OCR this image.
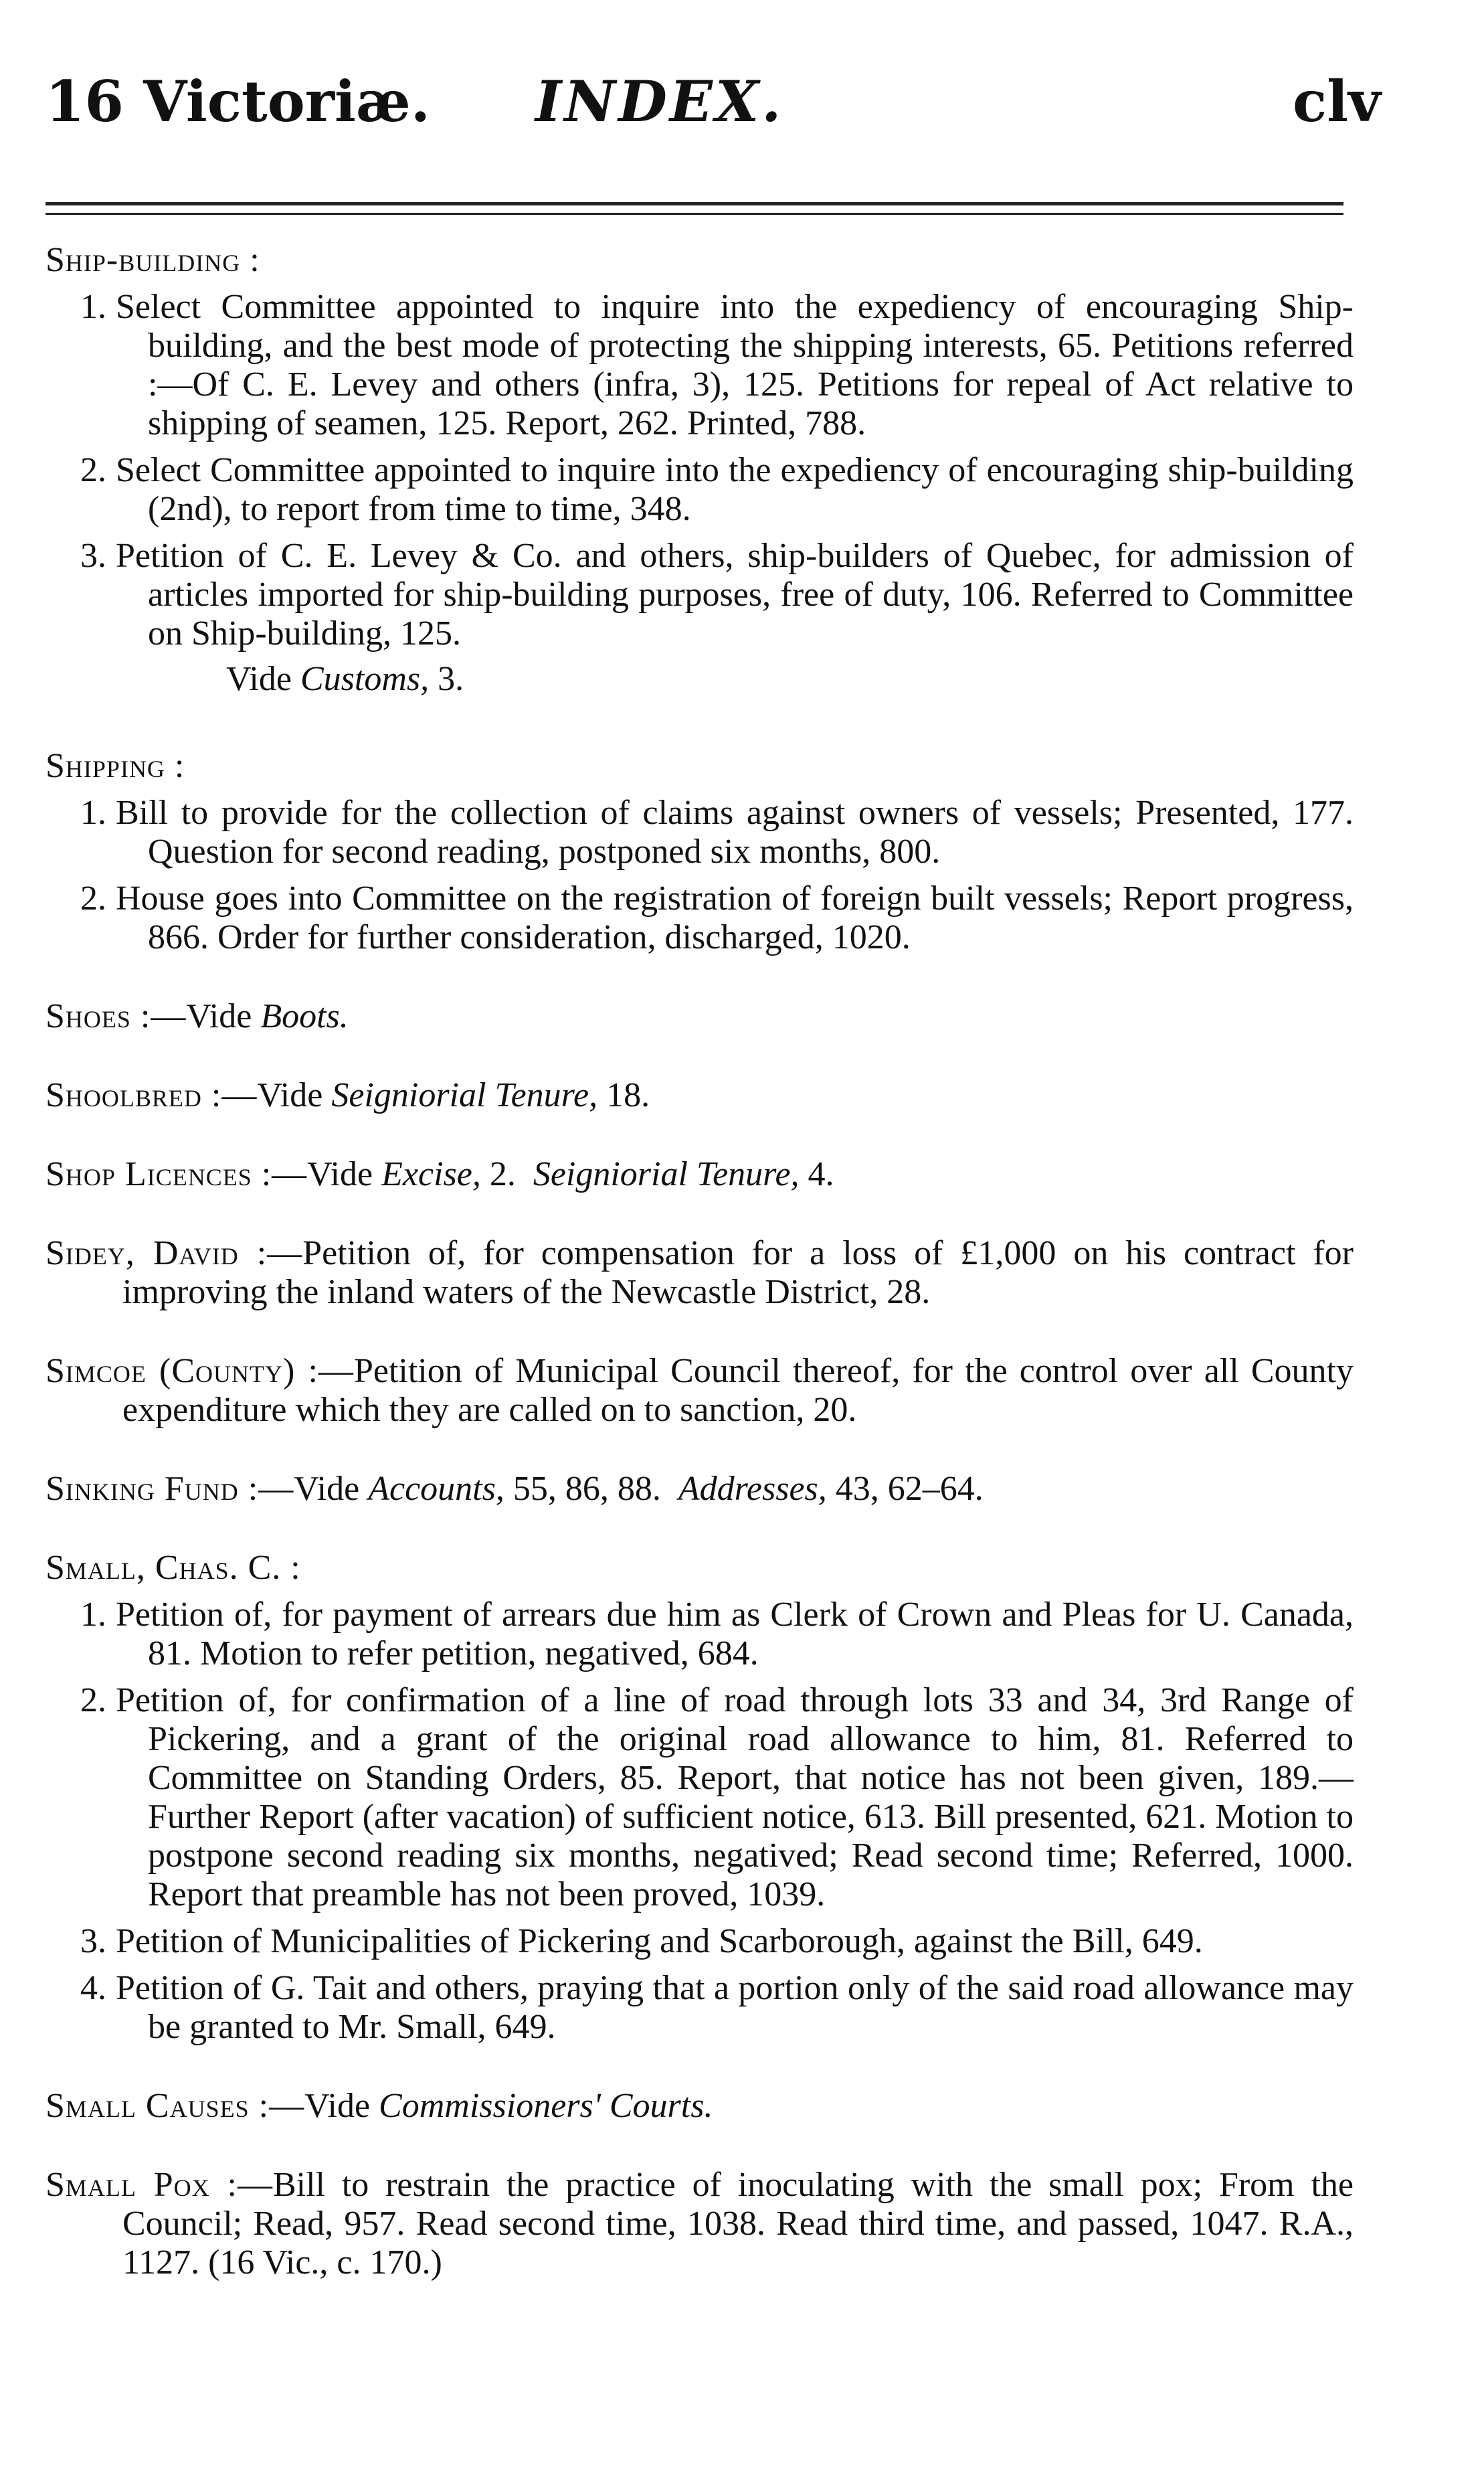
16 Victoriæ. INDEX.	clv
Ship-building :
1. Select Committee appointed to inquire into the expediency of encouraging Ship-building, and the best mode of protecting the shipping interests, 65. Petitions referred :—Of C. E. Levey and others (infra, 3), 125. Petitions for repeal of Act relative to shipping of seamen, 125. Report, 262. Printed, 788.
2. Select Committee appointed to inquire into the expediency of encouraging ship-building (2nd), to report from time to time, 348.
3. Petition of C. E. Levey & Co. and others, ship-builders of Quebec, for admission of articles imported for ship-building purposes, free of duty, 106. Referred to Committee on Ship-building, 125.
Vide Customs, 3.
Shipping :
1. Bill to provide for the collection of claims against owners of vessels; Presented, 177. Question for second reading, postponed six months, 800.
2. House goes into Committee on the registration of foreign built vessels; Report progress, 866. Order for further consideration, discharged, 1020.
Shoes :—Vide Boots.
Shoolbred :—Vide Seigniorial Tenure, 18.
Shop Licences :—Vide Excise, 2. Seigniorial Tenure, 4.
Sidey, David :—Petition of, for compensation for a loss of £1,000 on his contract for improving the inland waters of the Newcastle District, 28.
Simcoe (County) :—Petition of Municipal Council thereof, for the control over all County expenditure which they are called on to sanction, 20.
Sinking Fund :—Vide Accounts, 55, 86, 88. Addresses, 43, 62–64.
Small, Chas. C. :
1. Petition of, for payment of arrears due him as Clerk of Crown and Pleas for U. Canada, 81. Motion to refer petition, negatived, 684.
2. Petition of, for confirmation of a line of road through lots 33 and 34, 3rd Range of Pickering, and a grant of the original road allowance to him, 81. Referred to Committee on Standing Orders, 85. Report, that notice has not been given, 189.—Further Report (after vacation) of sufficient notice, 613. Bill presented, 621. Motion to postpone second reading six months, negatived; Read second time; Referred, 1000. Report that preamble has not been proved, 1039.
3. Petition of Municipalities of Pickering and Scarborough, against the Bill, 649.
4. Petition of G. Tait and others, praying that a portion only of the said road allowance may be granted to Mr. Small, 649.
Small Causes :—Vide Commissioners' Courts.
Small Pox :—Bill to restrain the practice of inoculating with the small pox; From the Council; Read, 957. Read second time, 1038. Read third time, and passed, 1047. R.A., 1127. (16 Vic., c. 170.)
